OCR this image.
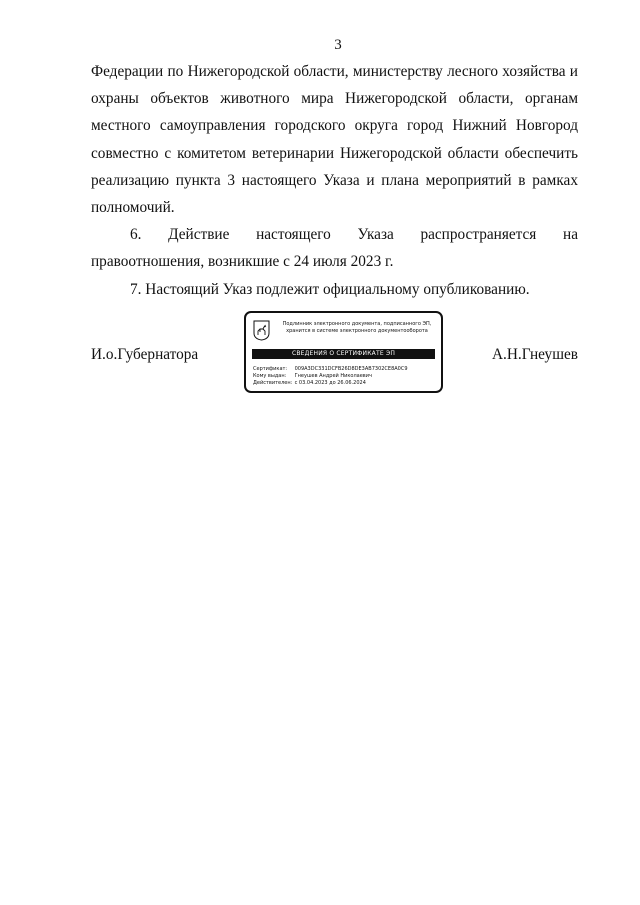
3

Федерации по Нижегородской области, министерству лесного хозяйства и охраны объектов животного мира Нижегородской области, органам местного самоуправления городского округа город Нижний Новгород совместно с комитетом ветеринарии Нижегородской области обеспечить реализацию пункта 3 настоящего Указа и плана мероприятий в рамках полномочий.

6. Действие настоящего Указа распространяется на правоотношения, возникшие с 24 июля 2023 г.

7. Настоящий Указ подлежит официальному опубликованию.

И.о.Губернатора
Подлинник электронного документа, подписанного ЭП,
хранится в системе электронного документооборота
СВЕДЕНИЯ О СЕРТИФИКАТЕ ЭП
Сертификат: 009A3DC331DCFB26D8DE3AB7302CE8A0C9
Кому выдан: Гнеушев Андрей Николаевич
Действителен: с 03.04.2023 до 26.06.2024
А.Н.Гнеушев
